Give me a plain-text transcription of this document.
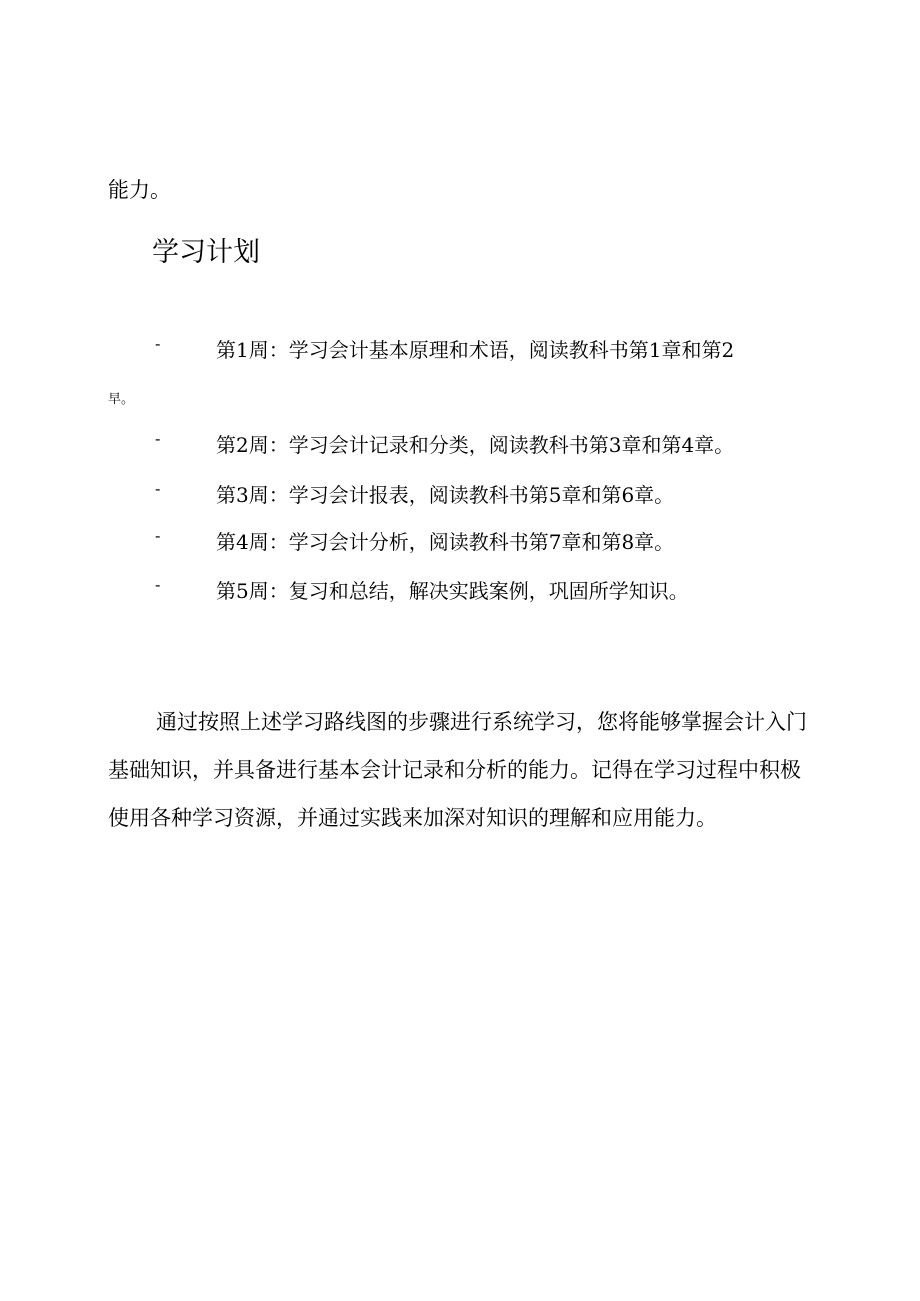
能力。
学习计划
-	第1周：学习会计基本原理和术语，阅读教科书第1章和第2
早。
-	第2周：学习会计记录和分类，阅读教科书第3章和第4章。
-	第3周：学习会计报表，阅读教科书第5章和第6章。
-	第4周：学习会计分析，阅读教科书第7章和第8章。
-	第5周：复习和总结，解决实践案例，巩固所学知识。
通过按照上述学习路线图的步骤进行系统学习，您将能够掌握会计入门
基础知识，并具备进行基本会计记录和分析的能力。记得在学习过程中积极
使用各种学习资源，并通过实践来加深对知识的理解和应用能力。
